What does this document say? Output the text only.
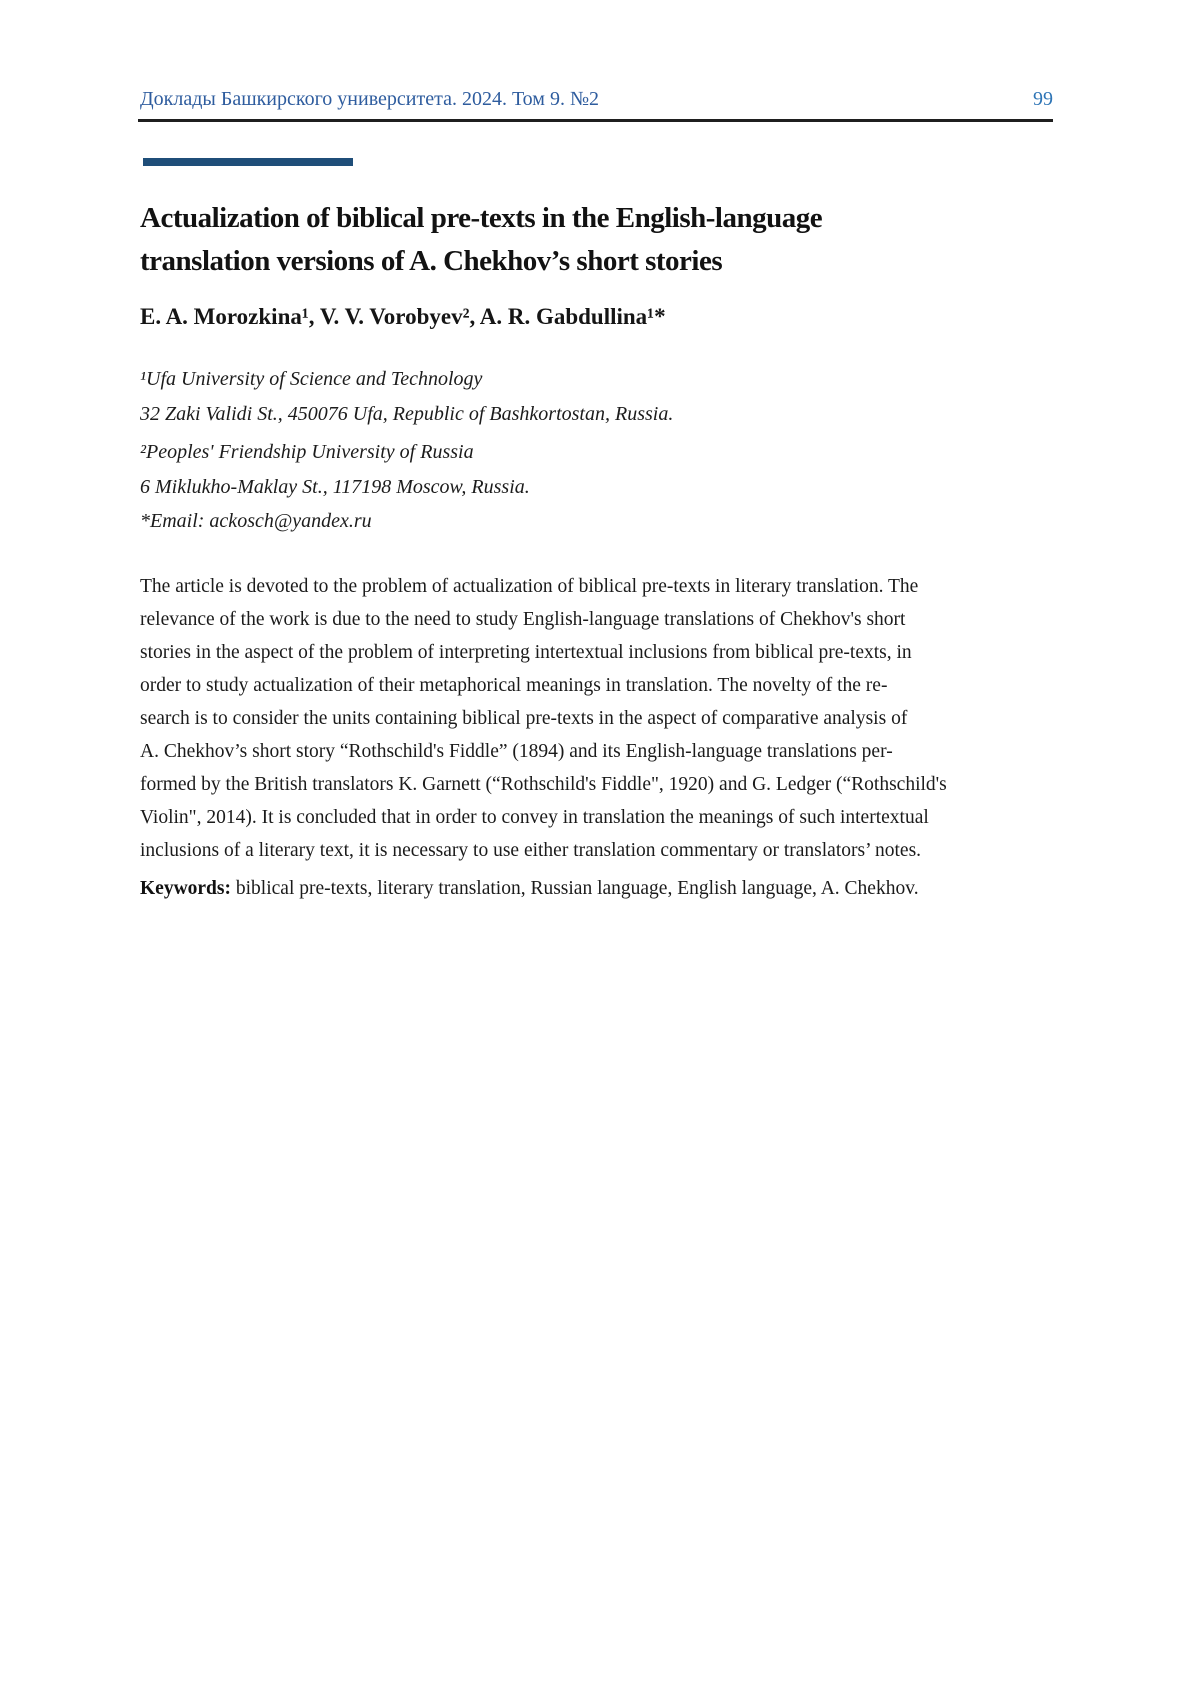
Доклады Башкирского университета. 2024. Том 9. №2	99
Actualization of biblical pre-texts in the English-language
translation versions of A. Chekhov’s short stories
E. A. Morozkina¹, V. V. Vorobyev², A. R. Gabdullina¹*
¹Ufa University of Science and Technology
32 Zaki Validi St., 450076 Ufa, Republic of Bashkortostan, Russia.
²Peoples' Friendship University of Russia
6 Miklukho-Maklay St., 117198 Moscow, Russia.
*Email: ackosch@yandex.ru
The article is devoted to the problem of actualization of biblical pre-texts in literary translation. The
relevance of the work is due to the need to study English-language translations of Chekhov's short
stories in the aspect of the problem of interpreting intertextual inclusions from biblical pre-texts, in
order to study actualization of their metaphorical meanings in translation. The novelty of the re-
search is to consider the units containing biblical pre-texts in the aspect of comparative analysis of
A. Chekhov’s short story “Rothschild's Fiddle” (1894) and its English-language translations per-
formed by the British translators K. Garnett (“Rothschild's Fiddle", 1920) and G. Ledger (“Rothschild's
Violin", 2014). It is concluded that in order to convey in translation the meanings of such intertextual
inclusions of a literary text, it is necessary to use either translation commentary or translators’ notes.
Keywords: biblical pre-texts, literary translation, Russian language, English language, A. Chekhov.
